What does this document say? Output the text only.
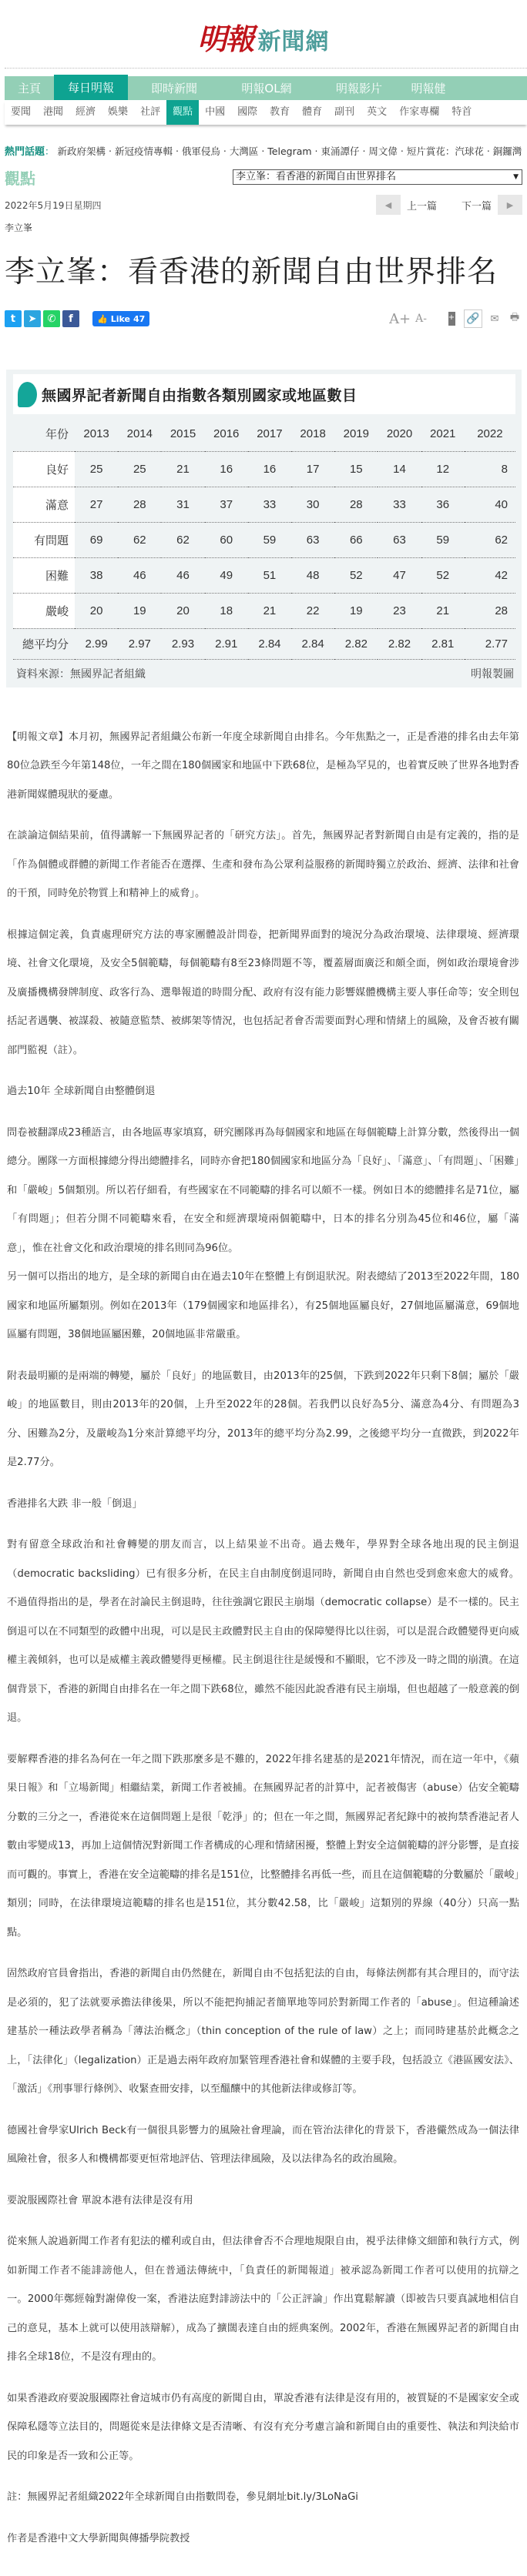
明報 新聞網
主頁	每日明報	即時新聞	明報OL網	明報影片	明報健
要聞	港聞	經濟	娛樂	社評	觀點	中國	國際	教育	體育	副刊	英文	作家專欄	特首
熱門話題： 新政府架構 ‧ 新冠疫情專輯 ‧ 俄軍侵烏 ‧ 大灣區 ‧ Telegram ‧ 東涌譚仔 ‧ 周文偉 ‧ 短片賞花：汽球花 ‧ 銅鑼灣
觀點	李立峯：看香港的新聞自由世界排名	▼
2022年5月19日星期四	◀	上一篇	下一篇	▶
李立峯
李立峯：看香港的新聞自由世界排名
t	➤	✆	f	👍 Like 47	A+ A-	+ 🔗	✉	🖶
無國界記者新聞自由指數各類別國家或地區數目
年份	2013	2014	2015	2016	2017	2018	2019	2020	2021	2022
良好	25	25	21	16	16	17	15	14	12	8
滿意	27	28	31	37	33	30	28	33	36	40
有問題	69	62	62	60	59	63	66	63	59	62
困難	38	46	46	49	51	48	52	47	52	42
嚴峻	20	19	20	18	21	22	19	23	21	28
總平均分	2.99	2.97	2.93	2.91	2.84	2.84	2.82	2.82	2.81	2.77
資料來源：無國界記者組織	明報製圖

【明報文章】本月初，無國界記者組織公布新一年度全球新聞自由排名。今年焦點之一，正是香港的排名由去年第80位急跌至今年第148位，一年之間在180個國家和地區中下跌68位，是極為罕見的，也着實反映了世界各地對香港新聞媒體現狀的憂慮。

在談論這個結果前，值得講解一下無國界記者的「研究方法」。首先，無國界記者對新聞自由是有定義的，指的是「作為個體或群體的新聞工作者能否在選擇、生產和發布為公眾利益服務的新聞時獨立於政治、經濟、法律和社會的干預，同時免於物質上和精神上的威脅」。

根據這個定義，負責處理研究方法的專家團體設計問卷，把新聞界面對的境況分為政治環境、法律環境、經濟環境、社會文化環境，及安全5個範疇，每個範疇有8至23條問題不等，覆蓋層面廣泛和頗全面，例如政治環境會涉及廣播機構發牌制度、政客行為、選舉報道的時間分配、政府有沒有能力影響媒體機構主要人事任命等；安全則包括記者遇襲、被謀殺、被隨意監禁、被綁架等情況，也包括記者會否需要面對心理和情緒上的風險，及會否被有關部門監視（註）。

過去10年 全球新聞自由整體倒退

問卷被翻譯成23種語言，由各地區專家填寫，研究團隊再為每個國家和地區在每個範疇上計算分數，然後得出一個總分。團隊一方面根據總分得出總體排名，同時亦會把180個國家和地區分為「良好」、「滿意」、「有問題」、「困難」和「嚴峻」5個類別。所以若仔細看，有些國家在不同範疇的排名可以頗不一樣。例如日本的總體排名是71位，屬「有問題」；但若分開不同範疇來看，在安全和經濟環境兩個範疇中，日本的排名分別為45位和46位，屬「滿意」，惟在社會文化和政治環境的排名則同為96位。

另一個可以指出的地方，是全球的新聞自由在過去10年在整體上有倒退狀況。附表總結了2013至2022年間，180國家和地區所屬類別。例如在2013年（179個國家和地區排名），有25個地區屬良好，27個地區屬滿意，69個地區屬有問題，38個地區屬困難，20個地區非常嚴重。

附表最明顯的是兩端的轉變，屬於「良好」的地區數目，由2013年的25個，下跌到2022年只剩下8個；屬於「嚴峻」的地區數目，則由2013年的20個，上升至2022年的28個。若我們以良好為5分、滿意為4分、有問題為3分、困難為2分，及嚴峻為1分來計算總平均分，2013年的總平均分為2.99，之後總平均分一直微跌，到2022年是2.77分。

香港排名大跌 非一般「倒退」

對有留意全球政治和社會轉變的朋友而言，以上結果並不出奇。過去幾年，學界對全球各地出現的民主倒退（democratic backsliding）已有很多分析，在民主自由制度倒退同時，新聞自由自然也受到愈來愈大的威脅。不過值得指出的是，學者在討論民主倒退時，往往強調它跟民主崩塌（democratic collapse）是不一樣的。民主倒退可以在不同類型的政體中出現，可以是民主政體對民主自由的保障變得比以往弱，可以是混合政體變得更向威權主義傾斜，也可以是威權主義政體變得更極權。民主倒退往往是緩慢和不顯眼，它不涉及一時之間的崩潰。在這個背景下，香港的新聞自由排名在一年之間下跌68位，雖然不能因此說香港有民主崩塌，但也超越了一般意義的倒退。

要解釋香港的排名為何在一年之間下跌那麼多是不難的，2022年排名建基的是2021年情況，而在這一年中，《蘋果日報》和「立場新聞」相繼結業，新聞工作者被捕。在無國界記者的計算中，記者被傷害（abuse）佔安全範疇分數的三分之一，香港從來在這個問題上是很「乾淨」的；但在一年之間，無國界記者紀錄中的被拘禁香港記者人數由零變成13，再加上這個情況對新聞工作者構成的心理和情緒困擾，整體上對安全這個範疇的評分影響，是直接而可觀的。事實上，香港在安全這範疇的排名是151位，比整體排名再低一些，而且在這個範疇的分數屬於「嚴峻」類別；同時，在法律環境這範疇的排名也是151位，其分數42.58，比「嚴峻」這類別的界線（40分）只高一點點。

固然政府官員會指出，香港的新聞自由仍然健在，新聞自由不包括犯法的自由，每條法例都有其合理目的，而守法是必須的，犯了法就要承擔法律後果，所以不能把拘捕記者簡單地等同於對新聞工作者的「abuse」。但這種論述建基於一種法政學者稱為「薄法治概念」（thin conception of the rule of law）之上；而同時建基於此概念之上，「法律化」（legalization）正是過去兩年政府加緊管理香港社會和媒體的主要手段，包括設立《港區國安法》、「激活」《刑事罪行條例》、收緊查冊安排，以至醞釀中的其他新法律或修訂等。

德國社會學家Ulrich Beck有一個很具影響力的風險社會理論，而在管治法律化的背景下，香港儼然成為一個法律風險社會，很多人和機構都要更恒常地評估、管理法律風險，及以法律為名的政治風險。

要說服國際社會 單說本港有法律是沒有用

從來無人說過新聞工作者有犯法的權利或自由，但法律會否不合理地規限自由，視乎法律條文細節和執行方式，例如新聞工作者不能誹謗他人，但在普通法傳統中，「負責任的新聞報道」被承認為新聞工作者可以使用的抗辯之一。2000年鄭經翰對謝偉俊一案，香港法庭對誹謗法中的「公正評論」作出寬鬆解讀（即被告只要真誠地相信自己的意見，基本上就可以使用該辯解），成為了擴闊表達自由的經典案例。2002年，香港在無國界記者的新聞自由排名全球18位，不是沒有理由的。

如果香港政府要說服國際社會這城市仍有高度的新聞自由，單說香港有法律是沒有用的，被質疑的不是國家安全或保障私隱等立法目的，問題從來是法律條文是否清晰、有沒有充分考慮言論和新聞自由的重要性、執法和判決給市民的印象是否一致和公正等。

註：無國界記者組織2022年全球新聞自由指數問卷，參見網址bit.ly/3LoNaGi

作者是香港中文大學新聞與傳播學院教授
